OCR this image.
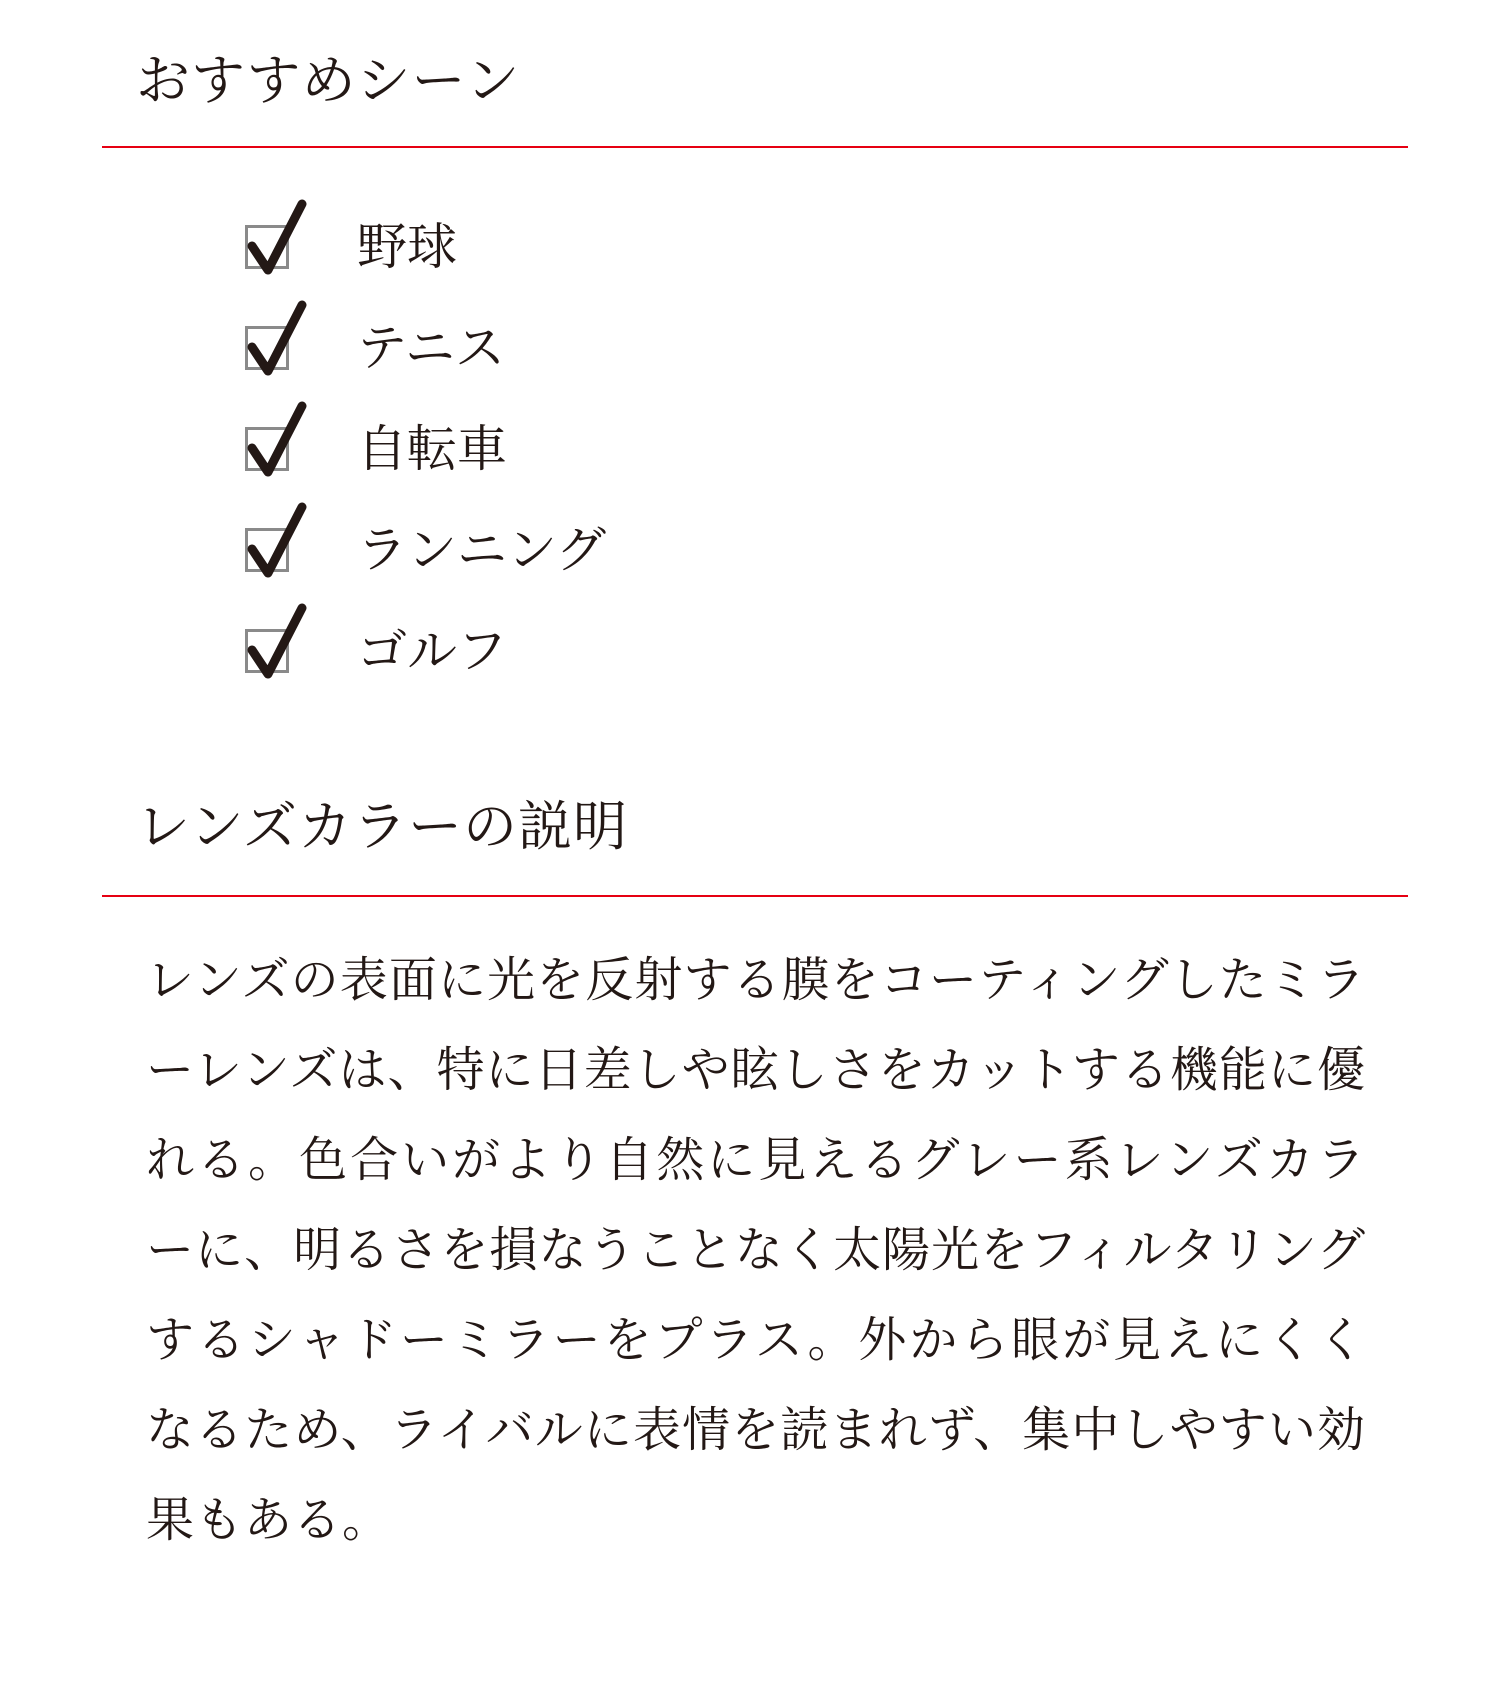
おすすめシーン
野球
テニス
自転車
ランニング
ゴルフ
レンズカラーの説明

レンズの表面に光を反射する膜をコーティングしたミラーレンズは、特に日差しや眩しさをカットする機能に優れる。色合いがより自然に見えるグレー系レンズカラーに、明るさを損なうことなく太陽光をフィルタリングするシャドーミラーをプラス。外から眼が見えにくくなるため、ライバルに表情を読まれず、集中しやすい効果もある。
